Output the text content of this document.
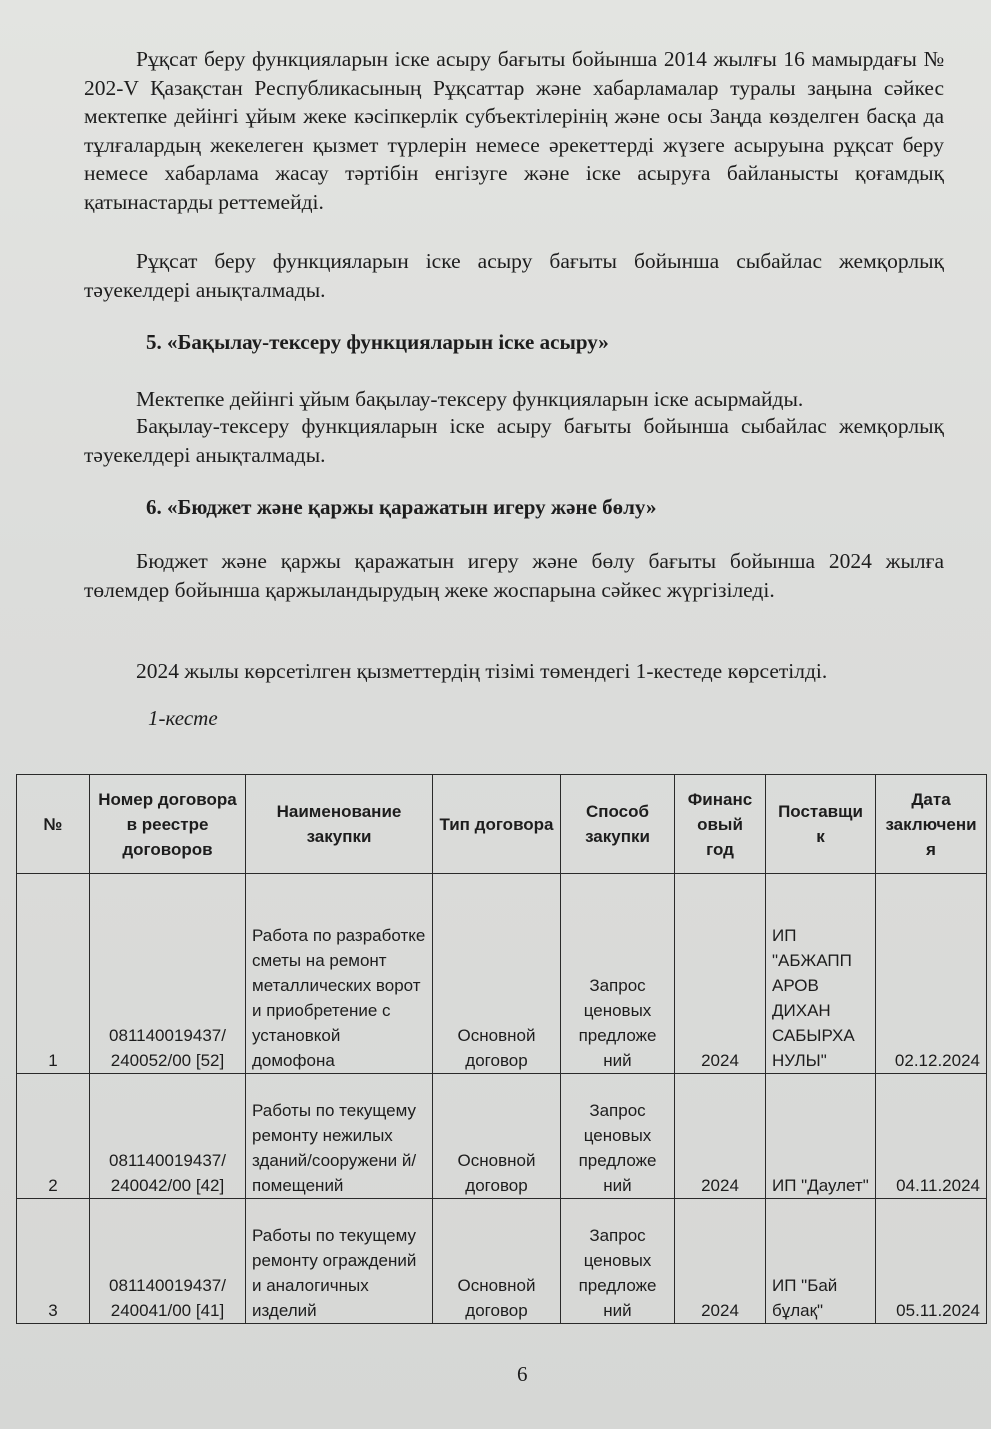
Рұқсат беру функцияларын іске асыру бағыты бойынша 2014 жылғы 16 мамырдағы № 202-V Қазақстан Республикасының Рұқсаттар және хабарламалар туралы заңына сәйкес мектепке дейінгі ұйым жеке кәсіпкерлік субъектілерінің және осы Заңда көзделген басқа да тұлғалардың жекелеген қызмет түрлерін немесе әрекеттерді жүзеге асыруына рұқсат беру немесе хабарлама жасау тәртібін енгізуге және іске асыруға байланысты қоғамдық қатынастарды реттемейді.

Рұқсат беру функцияларын іске асыру бағыты бойынша сыбайлас жемқорлық тәуекелдері анықталмады.

5. «Бақылау-тексеру функцияларын іске асыру»

Мектепке дейінгі ұйым бақылау-тексеру функцияларын іске асырмайды.

Бақылау-тексеру функцияларын іске асыру бағыты бойынша сыбайлас жемқорлық тәуекелдері анықталмады.

6. «Бюджет және қаржы қаражатын игеру және бөлу»

Бюджет және қаржы қаражатын игеру және бөлу бағыты бойынша 2024 жылға төлемдер бойынша қаржыландырудың жеке жоспарына сәйкес жүргізіледі.

2024 жылы көрсетілген қызметтердің тізімі төмендегі 1-кестеде көрсетілді.

1-кесте
№	Номер договора в реестре договоров	Наименование закупки	Тип договора	Способ закупки	Финанс овый год	Поставщи к	Дата заключени я
1	081140019437/ 240052/00 [52]	Работа по разработке сметы на ремонт металлических ворот и приобретение с установкой домофона	Основной договор	Запрос ценовых предложе ний	2024	ИП "АБЖАПП АРОВ ДИХАН САБЫРХА НУЛЫ"	02.12.2024
2	081140019437/ 240042/00 [42]	Работы по текущему ремонту нежилых зданий/сооружени й/помещений	Основной договор	Запрос ценовых предложе ний	2024	ИП "Даулет"	04.11.2024
3	081140019437/ 240041/00 [41]	Работы по текущему ремонту ограждений и аналогичных изделий	Основной договор	Запрос ценовых предложе ний	2024	ИП "Бай бұлақ"	05.11.2024
6
